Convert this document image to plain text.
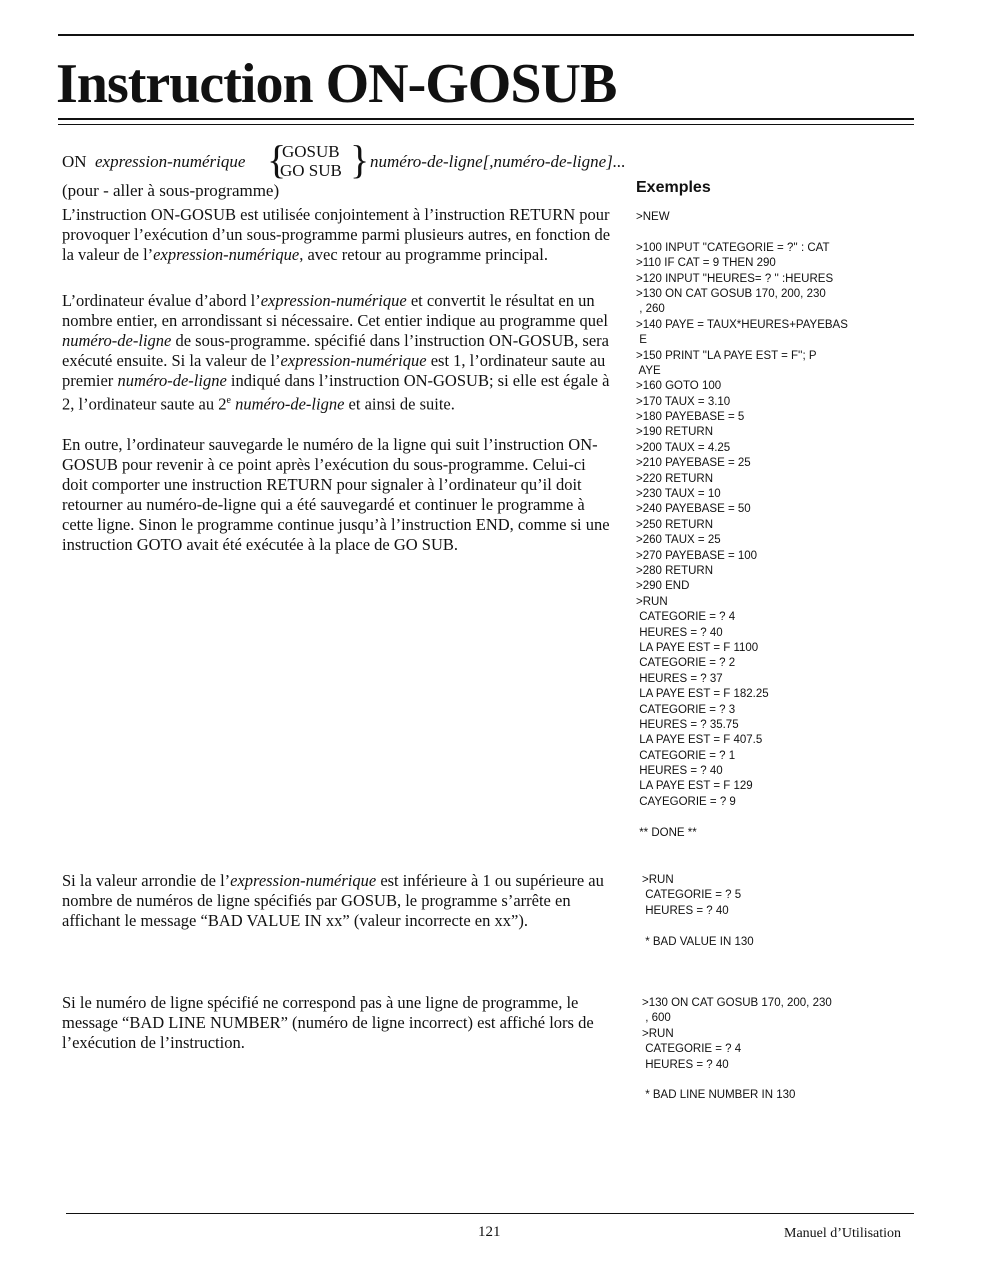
Instruction ON-GOSUB
ON expression-numérique {
GOSUB
GO SUB } numéro-de-ligne[,numéro-de-ligne]...
(pour - aller à sous-programme)	Exemples

L’instruction ON-GOSUB est utilisée conjointement à l’instruction RETURN pour provoquer l’exécution d’un sous-programme parmi plusieurs autres, en fonction de la valeur de l’expression-numérique, avec retour au programme principal.

L’ordinateur évalue d’abord l’expression-numérique et convertit le résultat en un nombre entier, en arrondissant si nécessaire. Cet entier indique au programme quel numéro-de-ligne de sous-programme. spécifié dans l’instruction ON-GOSUB, sera exécuté ensuite. Si la valeur de l’expression-numérique est 1, l’ordinateur saute au premier numéro-de-ligne indiqué dans l’instruction ON-GOSUB; si elle est égale à 2, l’ordinateur saute au 2e numéro-de-ligne et ainsi de suite.

En outre, l’ordinateur sauvegarde le numéro de la ligne qui suit l’instruction ON-GOSUB pour revenir à ce point après l’exécution du sous-programme. Celui-ci doit comporter une instruction RETURN pour signaler à l’ordinateur qu’il doit retourner au numéro-de-ligne qui a été sauvegardé et continuer le programme à cette ligne. Sinon le programme continue jusqu’à l’instruction END, comme si une instruction GOTO avait été exécutée à la place de GO SUB.

Si la valeur arrondie de l’expression-numérique est inférieure à 1 ou supérieure au nombre de numéros de ligne spécifiés par GOSUB, le programme s’arrête en affichant le message “BAD VALUE IN xx” (valeur incorrecte en xx”).

Si le numéro de ligne spécifié ne correspond pas à une ligne de programme, le message “BAD LINE NUMBER” (numéro de ligne incorrect) est affiché lors de l’exécution de l’instruction.

>NEW
>100 INPUT ''CATEGORIE = ?'' : CAT
>110 IF CAT = 9 THEN 290
>120 INPUT ''HEURES= ? '' :HEURES
>130 ON CAT GOSUB 170, 200, 230
, 260
>140 PAYE = TAUX*HEURES+PAYEBAS
E
>150 PRINT ''LA PAYE EST = F''; P
AYE
>160 GOTO 100
>170 TAUX = 3.10
>180 PAYEBASE = 5
>190 RETURN
>200 TAUX = 4.25
>210 PAYEBASE = 25
>220 RETURN
>230 TAUX = 10
>240 PAYEBASE = 50
>250 RETURN
>260 TAUX = 25
>270 PAYEBASE = 100
>280 RETURN
>290 END
>RUN
CATEGORIE = ? 4
HEURES = ? 40
LA PAYE EST = F 1100
CATEGORIE = ? 2
HEURES = ? 37
LA PAYE EST = F 182.25
CATEGORIE = ? 3
HEURES = ? 35.75
LA PAYE EST = F 407.5
CATEGORIE = ? 1
HEURES = ? 40
LA PAYE EST = F 129
CAYEGORIE = ? 9
** DONE **
>RUN
CATEGORIE = ? 5
HEURES = ? 40
* BAD VALUE IN 130
>130 ON CAT GOSUB 170, 200, 230
, 600
>RUN
CATEGORIE = ? 4
HEURES = ? 40
* BAD LINE NUMBER IN 130
121	Manuel d’Utilisation
